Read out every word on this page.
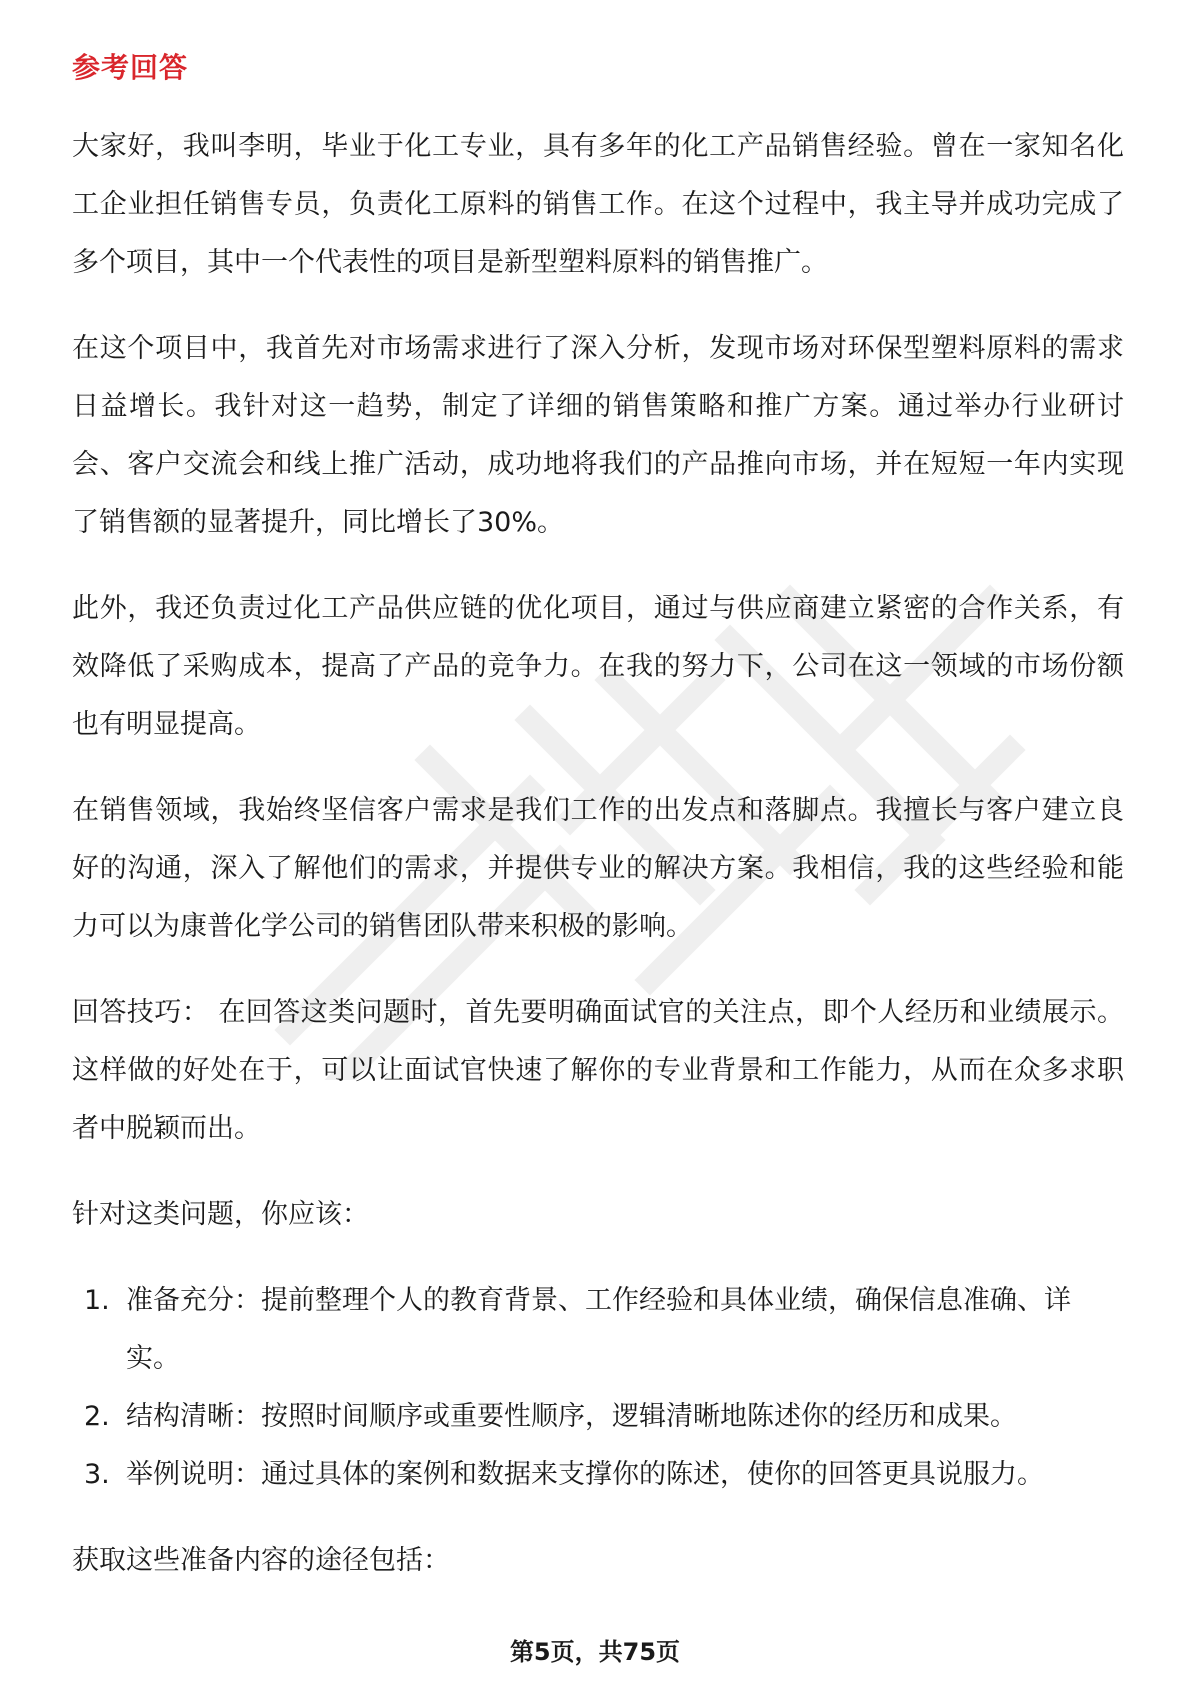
参考回答

大家好，我叫李明，毕业于化工专业，具有多年的化工产品销售经验。曾在一家知名化工企业担任销售专员，负责化工原料的销售工作。在这个过程中，我主导并成功完成了多个项目，其中一个代表性的项目是新型塑料原料的销售推广。

在这个项目中，我首先对市场需求进行了深入分析，发现市场对环保型塑料原料的需求日益增长。我针对这一趋势，制定了详细的销售策略和推广方案。通过举办行业研讨会、客户交流会和线上推广活动，成功地将我们的产品推向市场，并在短短一年内实现了销售额的显著提升，同比增长了30%。

此外，我还负责过化工产品供应链的优化项目，通过与供应商建立紧密的合作关系，有效降低了采购成本，提高了产品的竞争力。在我的努力下，公司在这一领域的市场份额也有明显提高。

在销售领域，我始终坚信客户需求是我们工作的出发点和落脚点。我擅长与客户建立良好的沟通，深入了解他们的需求，并提供专业的解决方案。我相信，我的这些经验和能力可以为康普化学公司的销售团队带来积极的影响。

回答技巧： 在回答这类问题时，首先要明确面试官的关注点，即个人经历和业绩展示。这样做的好处在于，可以让面试官快速了解你的专业背景和工作能力，从而在众多求职者中脱颖而出。

针对这类问题，你应该：

1. 准备充分：提前整理个人的教育背景、工作经验和具体业绩，确保信息准确、详实。
2. 结构清晰：按照时间顺序或重要性顺序，逻辑清晰地陈述你的经历和成果。
3. 举例说明：通过具体的案例和数据来支撑你的陈述，使你的回答更具说服力。

获取这些准备内容的途径包括：

第5页，共75页
